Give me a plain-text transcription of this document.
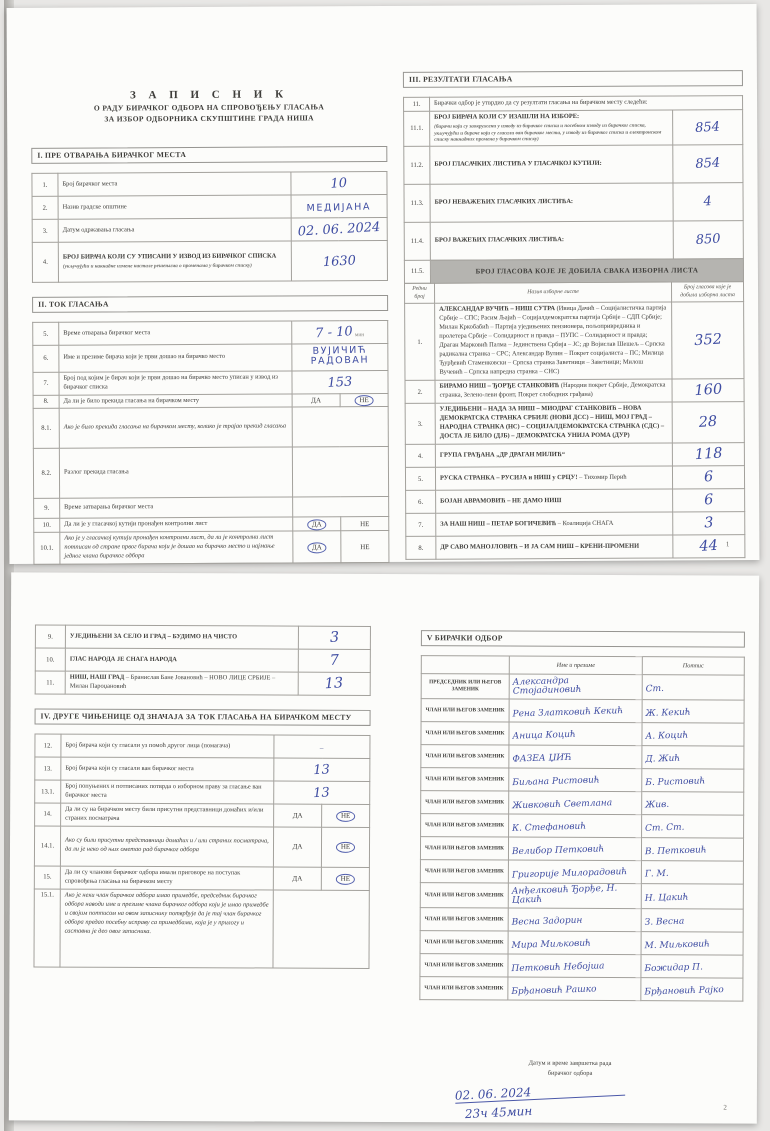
З А П И С Н И К
О РАДУ БИРАЧКОГ ОДБОРА НА СПРОВОЂЕЊУ ГЛАСАЊА
ЗА ИЗБОР ОДБОРНИКА СКУПШТИНЕ ГРАДА НИША
I. ПРЕ ОТВАРАЊА БИРАЧКОГ МЕСТА
1.	Број бирачког места	10
2.	Назив градске општине	МЕДИЈАНА
3.	Датум одржавања гласања	02. 06. 2024
4.	БРОЈ БИРАЧА КОЈИ СУ УПИСАНИ У ИЗВОД ИЗ БИРАЧКОГ СПИСКА
(укључујући и накнадне измене настале решењима о променама у бирачком списку)	1630
II. ТОК ГЛАСАЊА
5.	Време отварања бирачког места	7 - 10 мин	
6.	Име и презиме бирача који је први дошао на бирачко место	ВУЈИЧИЋ РАДОВАН	
7.	Број под којим је бирач који је први дошао на бирачко место уписан у извод из бирачког списка	153	
8.	Да ли је било прекида гласања на бирачком месту	ДА	НЕ
8.1.	Ако је било прекида гласања на бирачком месту, колико је трајао прекид гласања		

8.2.	Разлог прекида гласања		

9.	Време затварања бирачког места		

10.	Да ли је у гласачкој кутији пронађен контролни лист	ДА	НЕ
10.1.	Ако је у гласачкој кутији пронађен контролни лист, да ли је контролни лист потписан од стране првог бирача који је дошао на бирачко место и најмање једног члана бирачког одбора	ДА	НЕ
III. РЕЗУЛТАТИ ГЛАСАЊА
11.	Бирачки одбор је утврдио да су резултати гласања на бирачком месту следећи:	
11.1.	БРОЈ БИРАЧА КОЈИ СУ ИЗАШЛИ НА ИЗБОРЕ:
(бирачи који су заокружени у изводу из бирачког списка и посебном изводу из бирачког списка, укључујући и бираче који су гласали ван бирачког места, у изводу из бирачког списка и електронском списку накнадних промена у бирачком списку)	854
11.2.	БРОЈ ГЛАСАЧКИХ ЛИСТИЋА У ГЛАСАЧКОЈ КУТИЈИ:	854
11.3.	БРОЈ НЕВАЖЕЋИХ ГЛАСАЧКИХ ЛИСТИЋА:	4
11.4.	БРОЈ ВАЖЕЋИХ ГЛАСАЧКИХ ЛИСТИЋА:	850
11.5.	БРОЈ ГЛАСОВА КОЈЕ ЈЕ ДОБИЛА СВАКА ИЗБОРНА ЛИСТА	
Редни број	Назив изборне листе	Број гласова које је добила изборна листа
1.	АЛЕКСАНДАР ВУЧИЋ – НИШ СУТРА (Ивица Дачић – Социјалистичка партија Србије – СПС; Расим Љајић – Социјалдемократска партија Србије – СДП Србије; Милан Кркобабић – Партија уједињених пензионера, пољопривредника и пролетера Србије – Солидарност и правда – ПУПС – Солидарност и правда; Драган Марковић Палма – Јединствена Србија – ЈС; др Војислав Шешељ – Српска радикална странка – СРС; Александар Вулин – Покрет социјалиста – ПС; Милица Ђурђевић Стаменковски – Српска странка Заветници – Заветници; Милош Вучевић – Српска напредна странка – СНС)	352
2.	БИРАМО НИШ – ЂОРЂЕ СТАНКОВИЋ (Народни покрет Србије, Демократска странка, Зелено-леви фронт, Покрет слободних грађана)	160
3.	УЈЕДИЊЕНИ – НАДА ЗА НИШ – МИОДРАГ СТАНКОВИЋ – НОВА ДЕМОКРАТСКА СТРАНКА СРБИЈЕ (НОВИ ДСС) – НИШ, МОЈ ГРАД – НАРОДНА СТРАНКА (НС) – СОЦИЈАЛДЕМОКРАТСКА СТРАНКА (СДС) – ДОСТА ЈЕ БИЛО (ДЈБ) – ДЕМОКРАТСКА УНИЈА РОМА (ДУР)	28
4.	ГРУПА ГРАЂАНА „ДР ДРАГАН МИЛИЋ“	118
5.	РУСКА СТРАНКА – РУСИЈА и НИШ у СРЦУ! – Тихомир Перић	6
6.	БОЈАН АВРАМОВИЋ – НЕ ДАМО НИШ	6
7.	ЗА НАШ НИШ – ПЕТАР БОГИЧЕВИЋ – Коалиција СНАГА	3
8.	ДР САВО МАНОЈЛОВИЋ – И ЈА САМ НИШ – КРЕНИ-ПРОМЕНИ	44 1
9.	УЈЕДИЊЕНИ ЗА СЕЛО И ГРАД – БУДИМО НА ЧИСТО	3
10.	ГЛАС НАРОДА ЈЕ СНАГА НАРОДА	7
11.	НИШ, НАШ ГРАД – Бранислав Бане Јовановић – НОВО ЛИЦЕ СРБИЈЕ – Милан Пароџановић	13
IV. ДРУГЕ ЧИЊЕНИЦЕ ОД ЗНАЧАЈА ЗА ТОК ГЛАСАЊА НА БИРАЧКОМ МЕСТУ
12.	Број бирача који су гласали уз помоћ другог лица (помагача)	–	
13.	Број бирача који су гласали ван бирачког места	13	
13.1.	Број попуњених и потписаних потврда о изборном праву за гласање ван бирачког места	13	
14.	Да ли су на бирачком месту били присутни представници домаћих и/или страних посматрача	ДА	НЕ
14.1.	Ако су били присутни представници домаћих и / или страних посматрача, да ли је неко од њих ометао рад бирачког одбора	ДА	НЕ
15.	Да ли су чланови бирачког одбора имали приговоре на поступак спровођења гласања на бирачком месту	ДА	НЕ
15.1.	Ако је неки члан бирачког одбора имао примедбе, председник бирачког одбора наводи име и презиме члана бирачког одбора који је имао примедбе и својим потписом на овом записнику потврђује да је тај члан бирачког одбора предао посебну исправу са примедбама, која је у прилогу и саставни је део овог записника.		

V БИРАЧКИ ОДБОР
	Име и презиме	Потпис
ПРЕДСЕДНИК ИЛИ ЊЕГОВ ЗАМЕНИК	Александра Стојадиновић	Ст.
ЧЛАН ИЛИ ЊЕГОВ ЗАМЕНИК	Рена Златковић Кекић	Ж. Кекић
ЧЛАН ИЛИ ЊЕГОВ ЗАМЕНИК	Аница Коцић	А. Коцић
ЧЛАН ИЛИ ЊЕГОВ ЗАМЕНИК	ФАЗЕА ЏИЋ	Д. Жић
ЧЛАН ИЛИ ЊЕГОВ ЗАМЕНИК	Биљана Ристовић	Б. Ристовић
ЧЛАН ИЛИ ЊЕГОВ ЗАМЕНИК	Живковић Светлана	Жив.
ЧЛАН ИЛИ ЊЕГОВ ЗАМЕНИК	К. Стефановић	Ст. Ст.
ЧЛАН ИЛИ ЊЕГОВ ЗАМЕНИК	Велибор Петковић	В. Петковић
ЧЛАН ИЛИ ЊЕГОВ ЗАМЕНИК	Григорије Милорадовић	Г. М.
ЧЛАН ИЛИ ЊЕГОВ ЗАМЕНИК	Анђелковић Ђорђе, Н. Цакић	Н. Цакић
ЧЛАН ИЛИ ЊЕГОВ ЗАМЕНИК	Весна Задорин	З. Весна
ЧЛАН ИЛИ ЊЕГОВ ЗАМЕНИК	Мира Миљковић	М. Миљковић
ЧЛАН ИЛИ ЊЕГОВ ЗАМЕНИК	Петковић Небојша	Божидар П.
ЧЛАН ИЛИ ЊЕГОВ ЗАМЕНИК	Брђановић Рашко	Брђановић Рајко
Датум и време завршетка рада
бирачког одбора
02. 06. 2024 23ч 45мин	2
